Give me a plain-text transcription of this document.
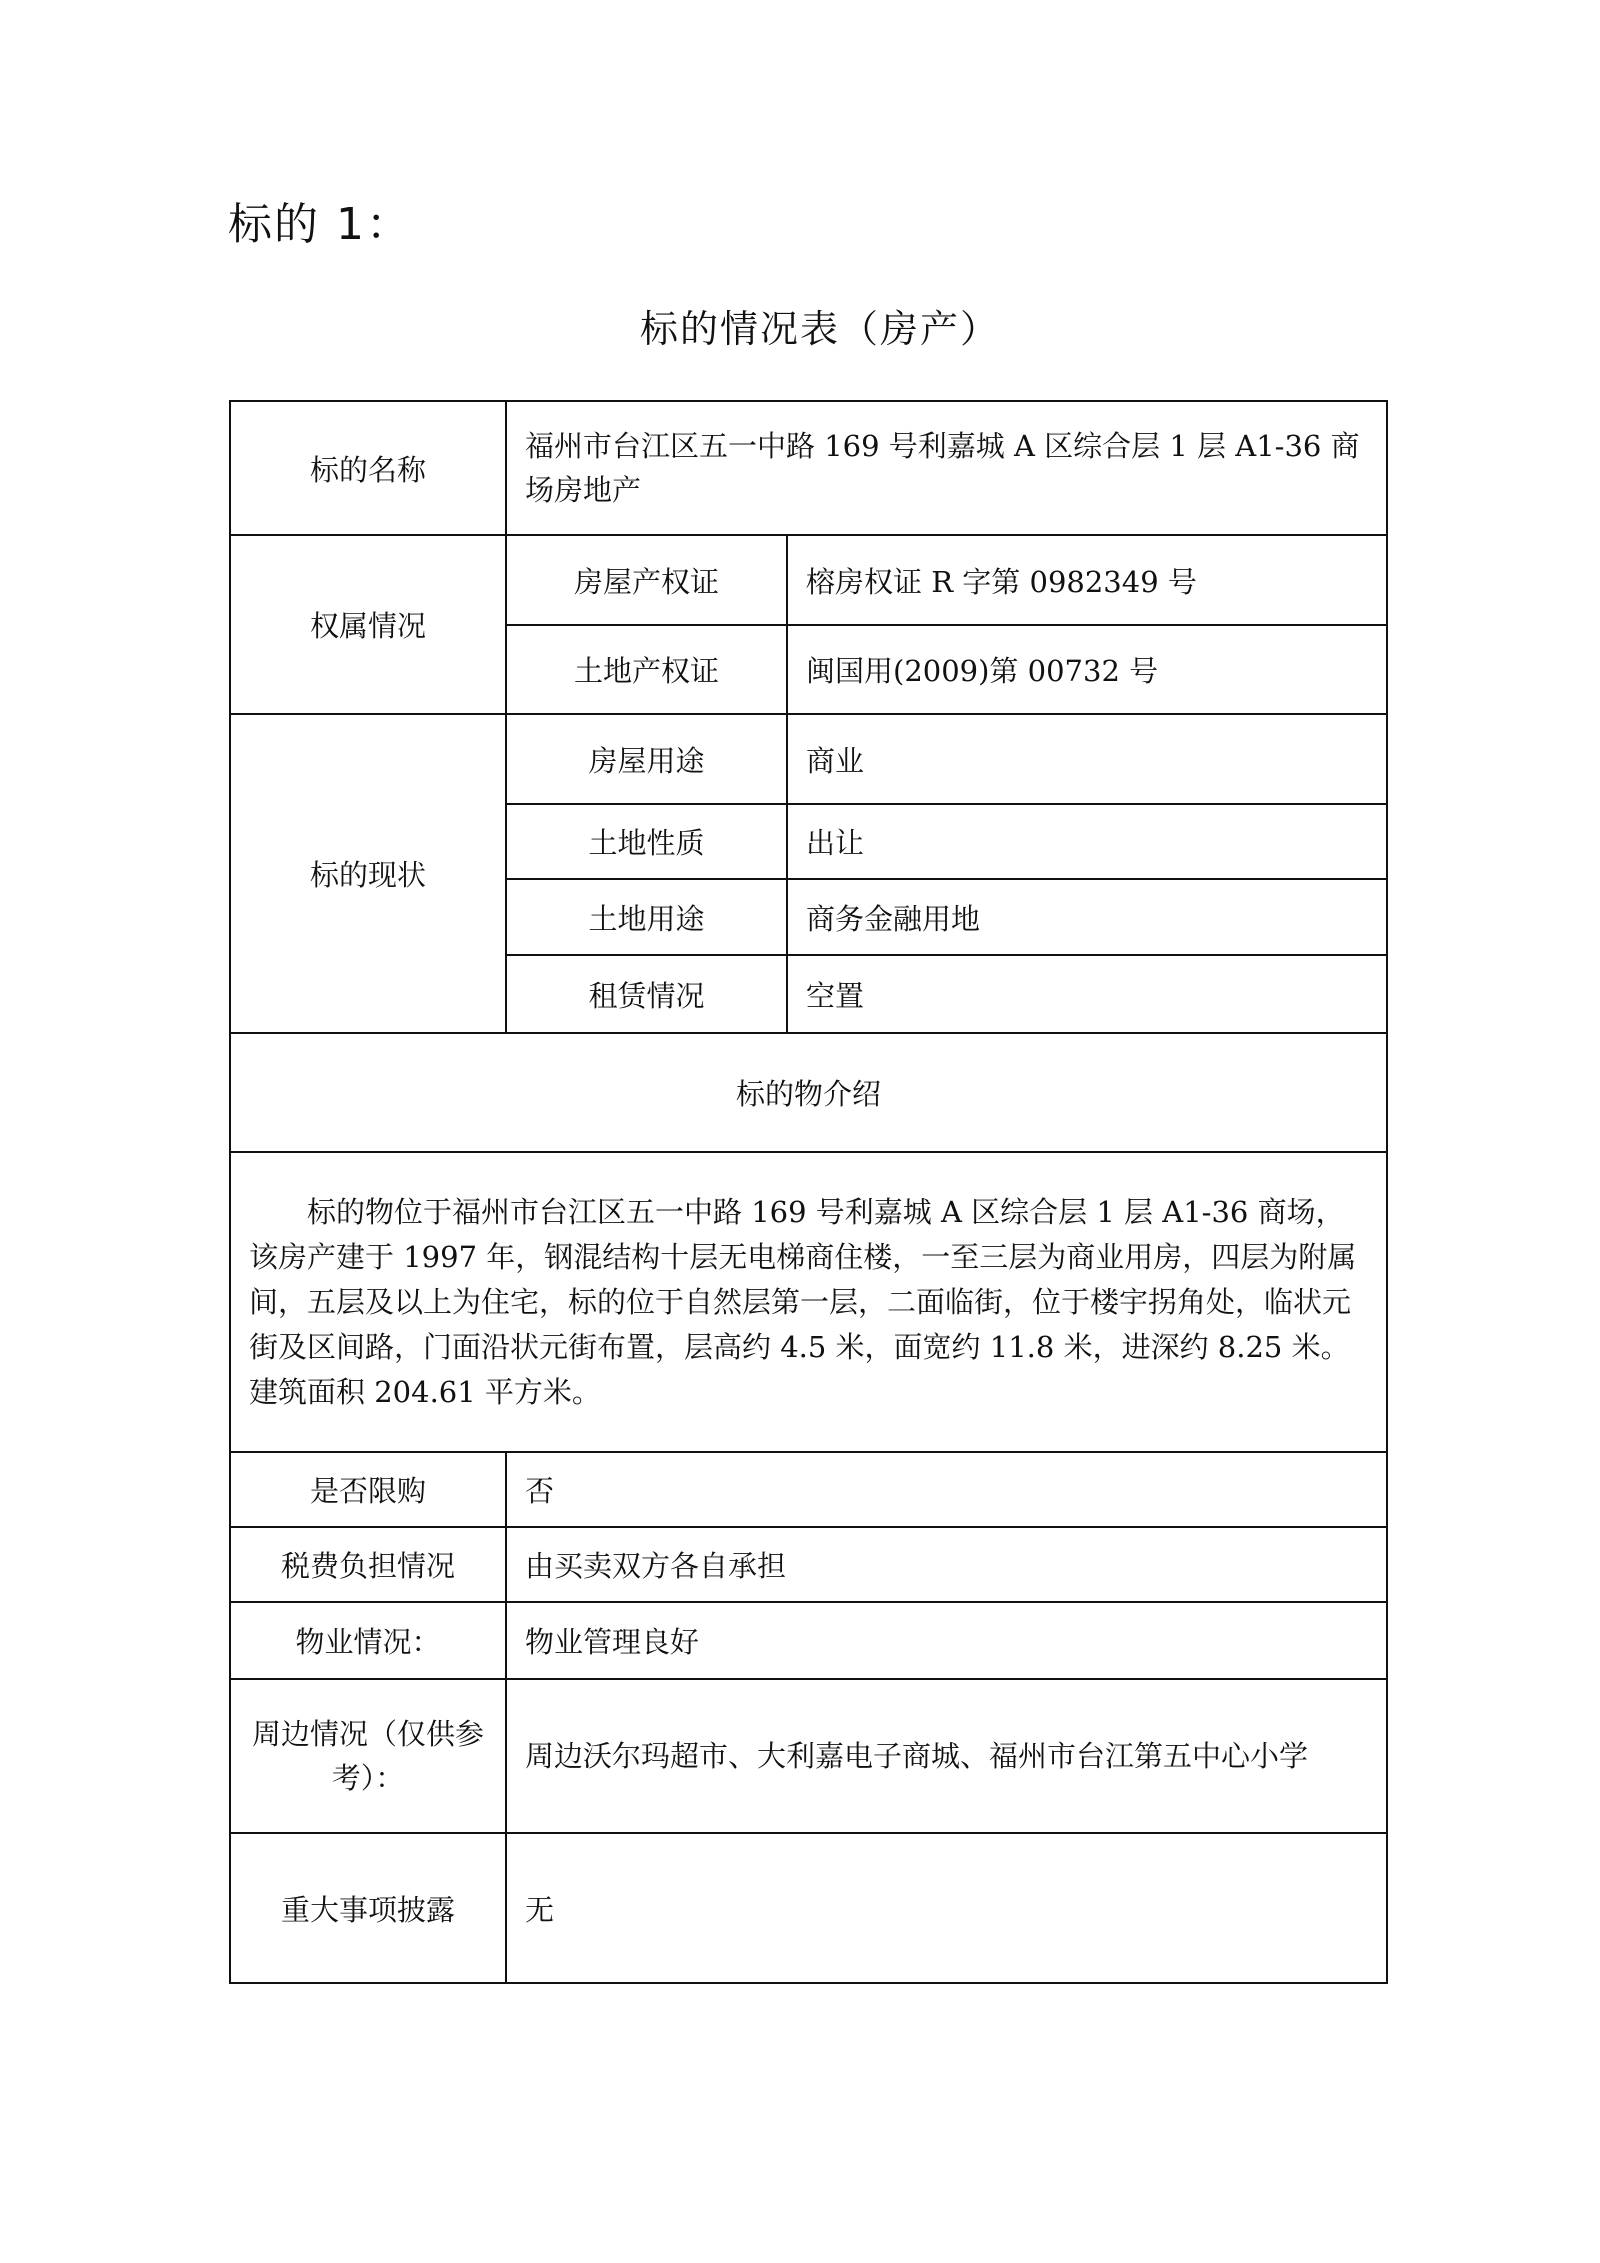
标的 1：
标的情况表（房产）
标的名称	福州市台江区五一中路 169 号利嘉城 A 区综合层 1 层 A1-36 商场房地产	
权属情况	房屋产权证	榕房权证 R 字第 0982349 号
	土地产权证	闽国用(2009)第 00732 号
标的现状	房屋用途	商业
	土地性质	出让
	土地用途	商务金融用地
	租赁情况	空置
标的物介绍		
标的物位于福州市台江区五一中路 169 号利嘉城 A 区综合层 1 层 A1-36 商场，该房产建于 1997 年，钢混结构十层无电梯商住楼，一至三层为商业用房，四层为附属间，五层及以上为住宅，标的位于自然层第一层，二面临街，位于楼宇拐角处，临状元街及区间路，门面沿状元街布置，层高约 4.5 米，面宽约 11.8 米，进深约 8.25 米。建筑面积 204.61 平方米。		
是否限购	否	
税费负担情况	由买卖双方各自承担	
物业情况：	物业管理良好	
周边情况（仅供参考）：	周边沃尔玛超市、大利嘉电子商城、福州市台江第五中心小学	
重大事项披露	无	
